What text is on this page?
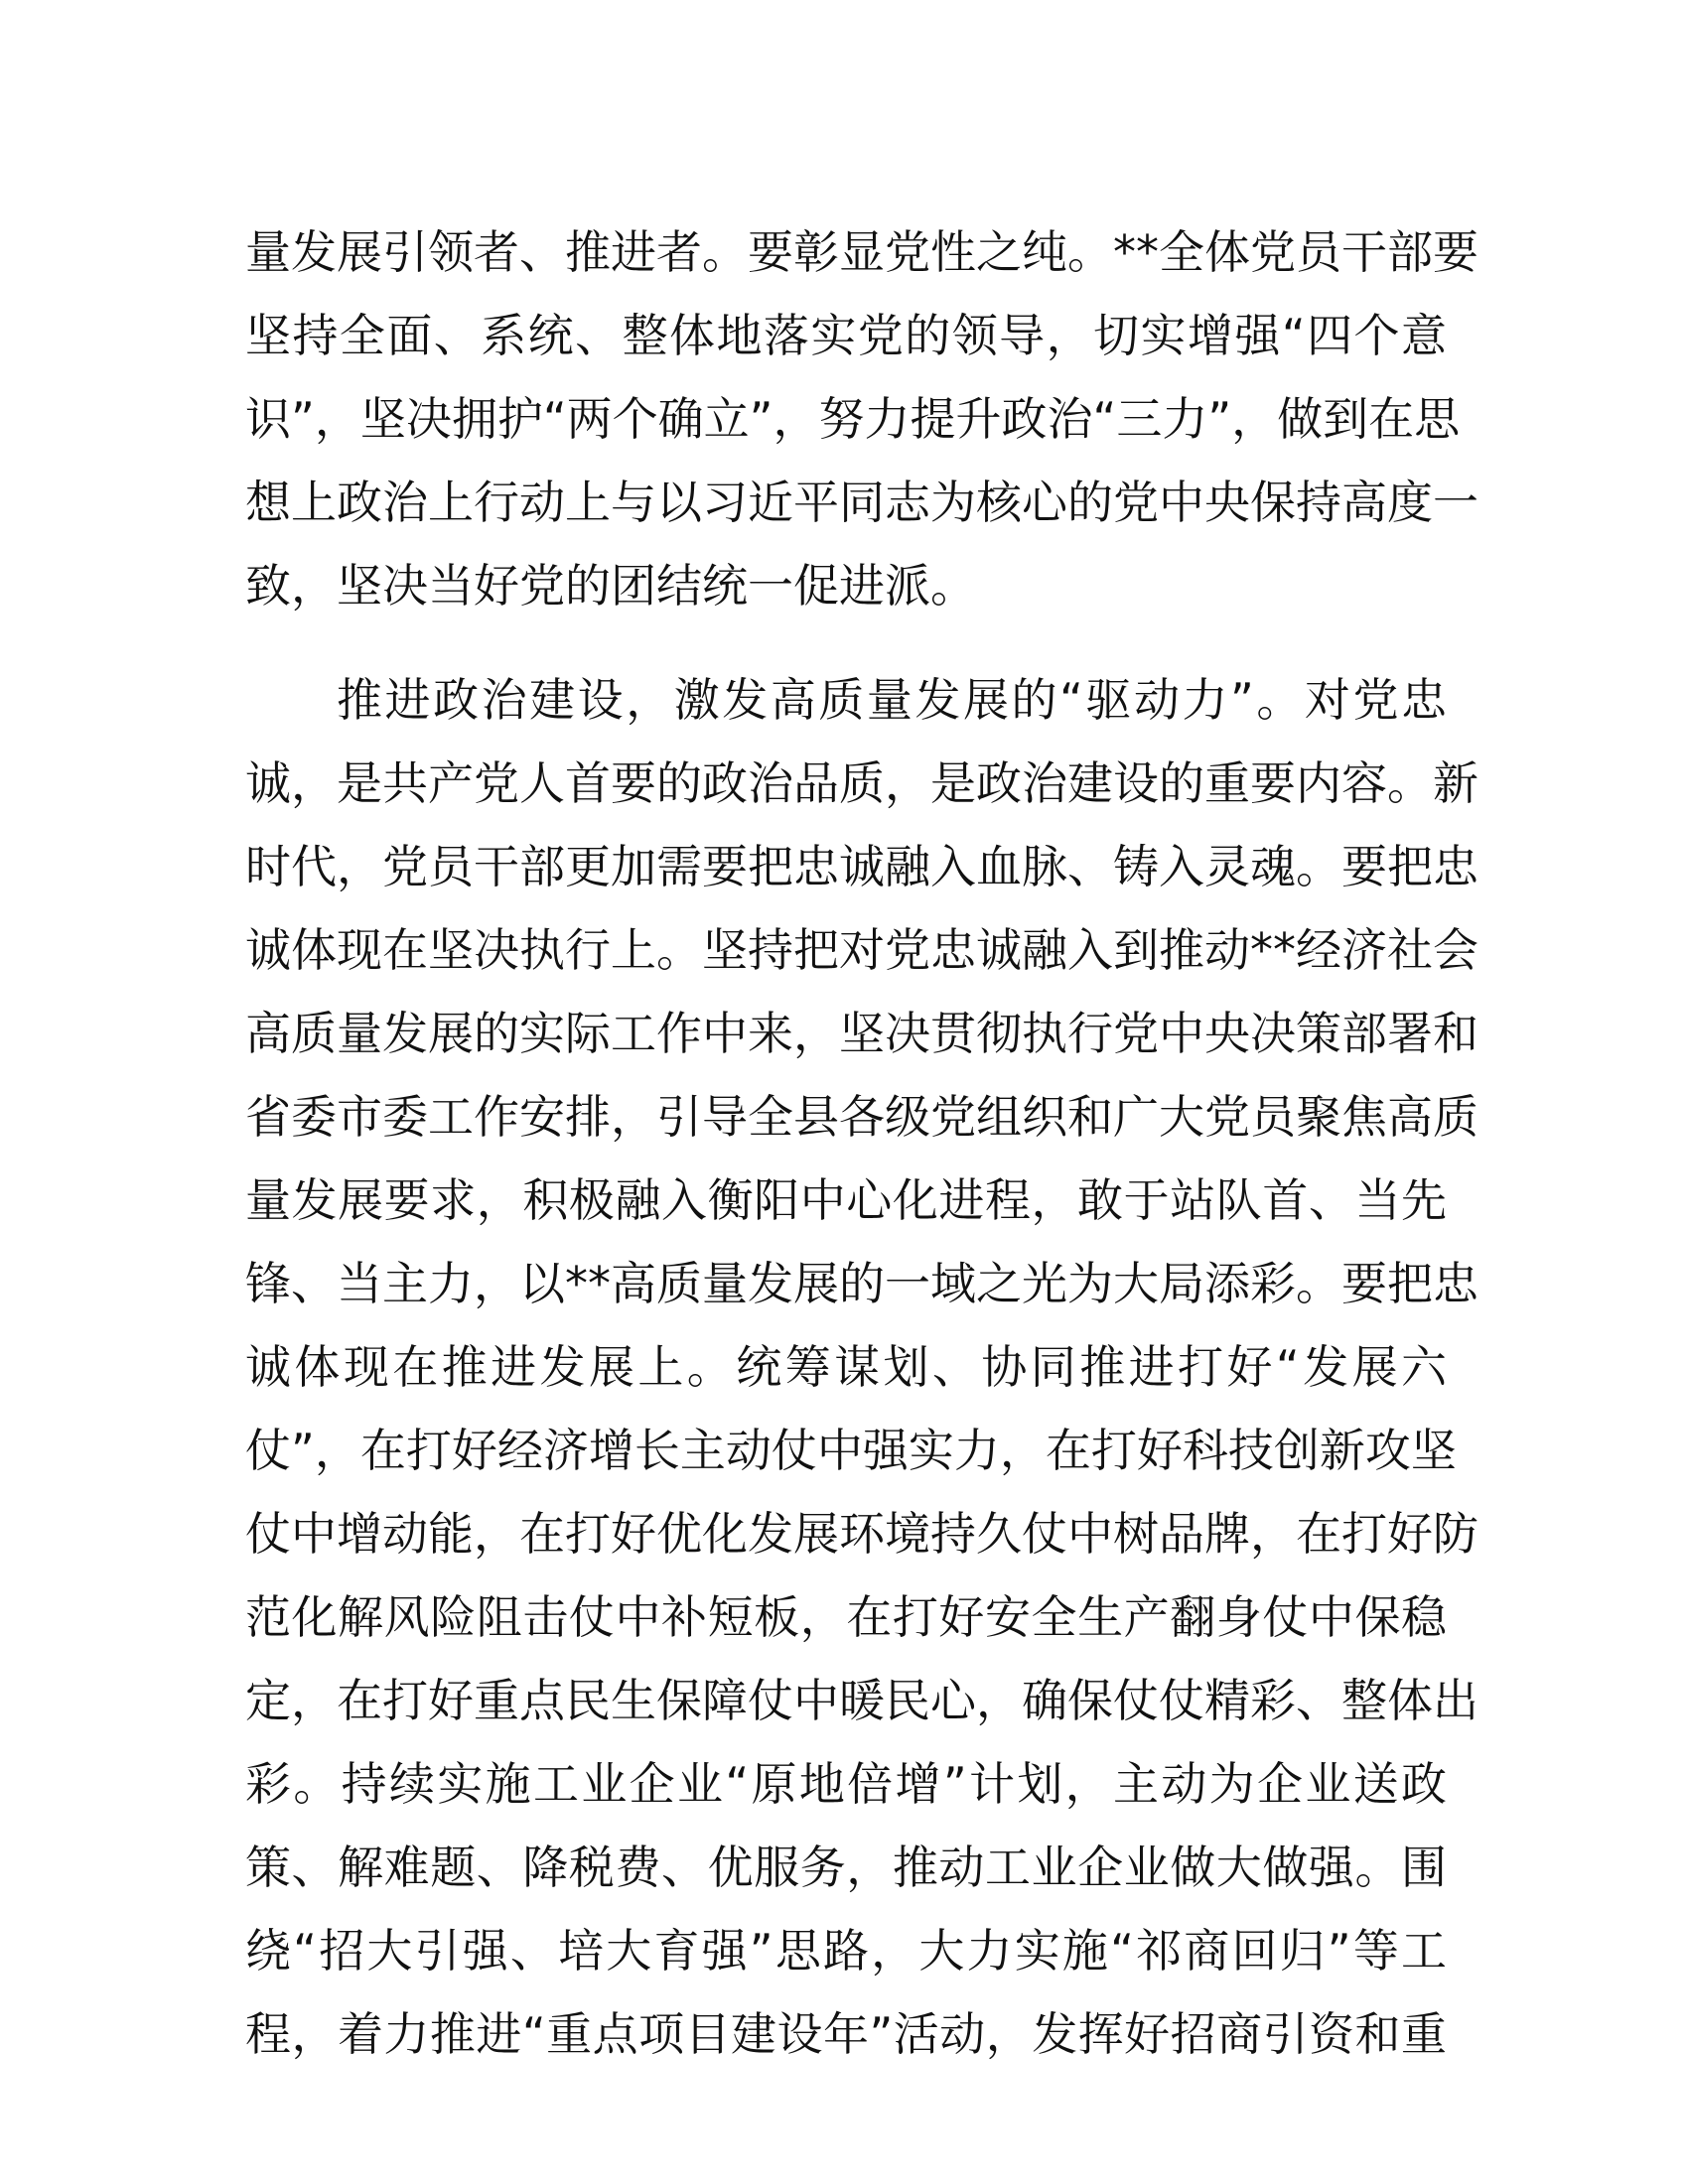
量发展引领者、推进者。要彰显党性之纯。**全体党员干部要
坚持全面、系统、整体地落实党的领导，切实增强“四个意
识”，坚决拥护“两个确立”，努力提升政治“三力”，做到在思
想上政治上行动上与以习近平同志为核心的党中央保持高度一
致，坚决当好党的团结统一促进派。
推进政治建设，激发高质量发展的“驱动力”。对党忠
诚，是共产党人首要的政治品质，是政治建设的重要内容。新
时代，党员干部更加需要把忠诚融入血脉、铸入灵魂。要把忠
诚体现在坚决执行上。坚持把对党忠诚融入到推动**经济社会
高质量发展的实际工作中来，坚决贯彻执行党中央决策部署和
省委市委工作安排，引导全县各级党组织和广大党员聚焦高质
量发展要求，积极融入衡阳中心化进程，敢于站队首、当先
锋、当主力，以**高质量发展的一域之光为大局添彩。要把忠
诚体现在推进发展上。统筹谋划、协同推进打好“发展六
仗”，在打好经济增长主动仗中强实力，在打好科技创新攻坚
仗中增动能，在打好优化发展环境持久仗中树品牌，在打好防
范化解风险阻击仗中补短板，在打好安全生产翻身仗中保稳
定，在打好重点民生保障仗中暖民心，确保仗仗精彩、整体出
彩。持续实施工业企业“原地倍增”计划，主动为企业送政
策、解难题、降税费、优服务，推动工业企业做大做强。围
绕“招大引强、培大育强”思路，大力实施“祁商回归”等工
程，着力推进“重点项目建设年”活动，发挥好招商引资和重
